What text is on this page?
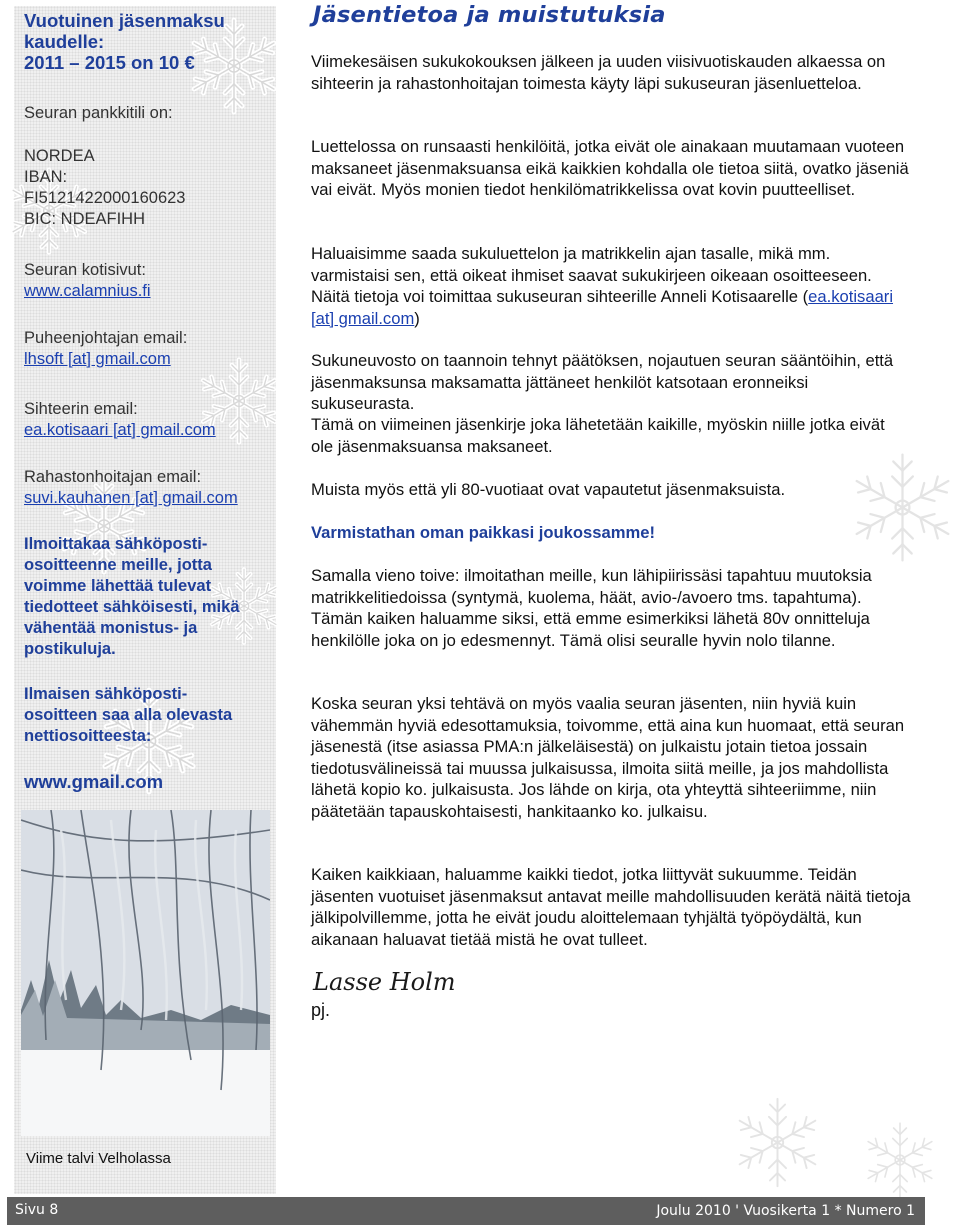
Vuotuinen jäsenmaksu
kaudelle:
2011 – 2015 on 10 €
Seuran pankkitili on:
NORDEA
IBAN:
FI5121422000160623
BIC: NDEAFIHH
Seuran kotisivut:
www.calamnius.fi
Puheenjohtajan email:
lhsoft [at] gmail.com
Sihteerin email:
ea.kotisaari [at] gmail.com
Rahastonhoitajan email:
suvi.kauhanen [at] gmail.com
Ilmoittakaa sähköposti-
osoitteenne meille, jotta
voimme lähettää tulevat
tiedotteet sähköisesti, mikä
vähentää monistus- ja
postikuluja.
Ilmaisen sähköposti-
osoitteen saa alla olevasta
nettiosoitteesta:
www.gmail.com
Viime talvi Velholassa
Jäsentietoa ja muistutuksia
Viimekesäisen sukukokouksen jälkeen ja uuden viisivuotiskauden alkaessa on sihteerin ja rahastonhoitajan toimesta käyty läpi sukuseuran jäsenluetteloa.
Luettelossa on runsaasti henkilöitä, jotka eivät ole ainakaan muutamaan vuoteen maksaneet jäsenmaksuansa eikä kaikkien kohdalla ole tietoa siitä, ovatko jäseniä vai eivät. Myös monien tiedot henkilömatrikkelissa ovat kovin puutteelliset.
Haluaisimme saada sukuluettelon ja matrikkelin ajan tasalle, mikä mm. varmistaisi sen, että oikeat ihmiset saavat sukukirjeen oikeaan osoitteeseen. Näitä tietoja voi toimittaa sukuseuran sihteerille Anneli Kotisaarelle (ea.kotisaari [at] gmail.com)
Sukuneuvosto on taannoin tehnyt päätöksen, nojautuen seuran sääntöihin, että jäsenmaksunsa maksamatta jättäneet henkilöt katsotaan eronneiksi sukuseurasta.
Tämä on viimeinen jäsenkirje joka lähetetään kaikille, myöskin niille jotka eivät ole jäsenmaksuansa maksaneet.
Muista myös että yli 80-vuotiaat ovat vapautetut jäsenmaksuista.
Varmistathan oman paikkasi joukossamme!
Samalla vieno toive: ilmoitathan meille, kun lähipiirissäsi tapahtuu muutoksia matrikkelitiedoissa (syntymä, kuolema, häät, avio-/avoero tms. tapahtuma). Tämän kaiken haluamme siksi, että emme esimerkiksi lähetä 80v onnitteluja henkilölle joka on jo edesmennyt. Tämä olisi seuralle hyvin nolo tilanne.
Koska seuran yksi tehtävä on myös vaalia seuran jäsenten, niin hyviä kuin vähemmän hyviä edesottamuksia, toivomme, että aina kun huomaat, että seuran jäsenestä (itse asiassa PMA:n jälkeläisestä) on julkaistu jotain tietoa jossain tiedotusvälineissä tai muussa julkaisussa, ilmoita siitä meille, ja jos mahdollista lähetä kopio ko. julkaisusta. Jos lähde on kirja, ota yhteyttä sihteeriimme, niin päätetään tapauskohtaisesti, hankitaanko ko. julkaisu.
Kaiken kaikkiaan, haluamme kaikki tiedot, jotka liittyvät sukuumme. Teidän jäsenten vuotuiset jäsenmaksut antavat meille mahdollisuuden kerätä näitä tietoja jälkipolvillemme, jotta he eivät joudu aloittelemaan tyhjältä työpöydältä, kun aikanaan haluavat tietää mistä he ovat tulleet.
Lasse Holm
pj.
Sivu 8	Joulu 2010 ' Vuosikerta 1 * Numero 1
